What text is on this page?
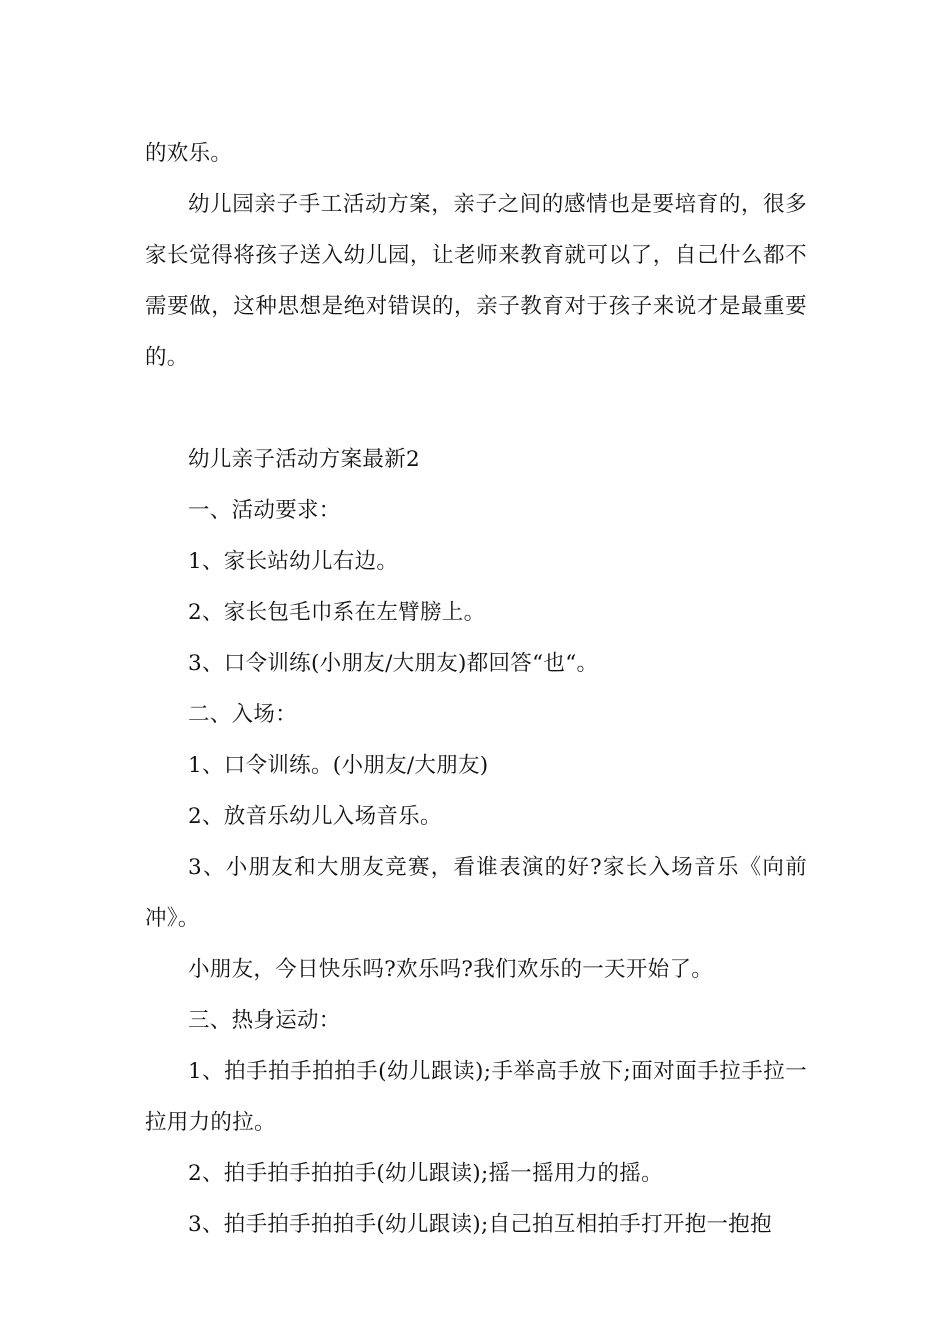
的欢乐。

幼儿园亲子手工活动方案，亲子之间的感情也是要培育的，很多家长觉得将孩子送入幼儿园，让老师来教育就可以了，自己什么都不需要做，这种思想是绝对错误的，亲子教育对于孩子来说才是最重要的。

幼儿亲子活动方案最新2

一、活动要求：

1、家长站幼儿右边。

2、家长包毛巾系在左臂膀上。

3、口令训练(小朋友/大朋友)都回答“也“。

二、入场：

1、口令训练。(小朋友/大朋友)

2、放音乐幼儿入场音乐。

3、小朋友和大朋友竞赛，看谁表演的好?家长入场音乐《向前冲》。

小朋友，今日快乐吗?欢乐吗?我们欢乐的一天开始了。

三、热身运动：

1、拍手拍手拍拍手(幼儿跟读);手举高手放下;面对面手拉手拉一拉用力的拉。

2、拍手拍手拍拍手(幼儿跟读);摇一摇用力的摇。

3、拍手拍手拍拍手(幼儿跟读);自己拍互相拍手打开抱一抱抱
